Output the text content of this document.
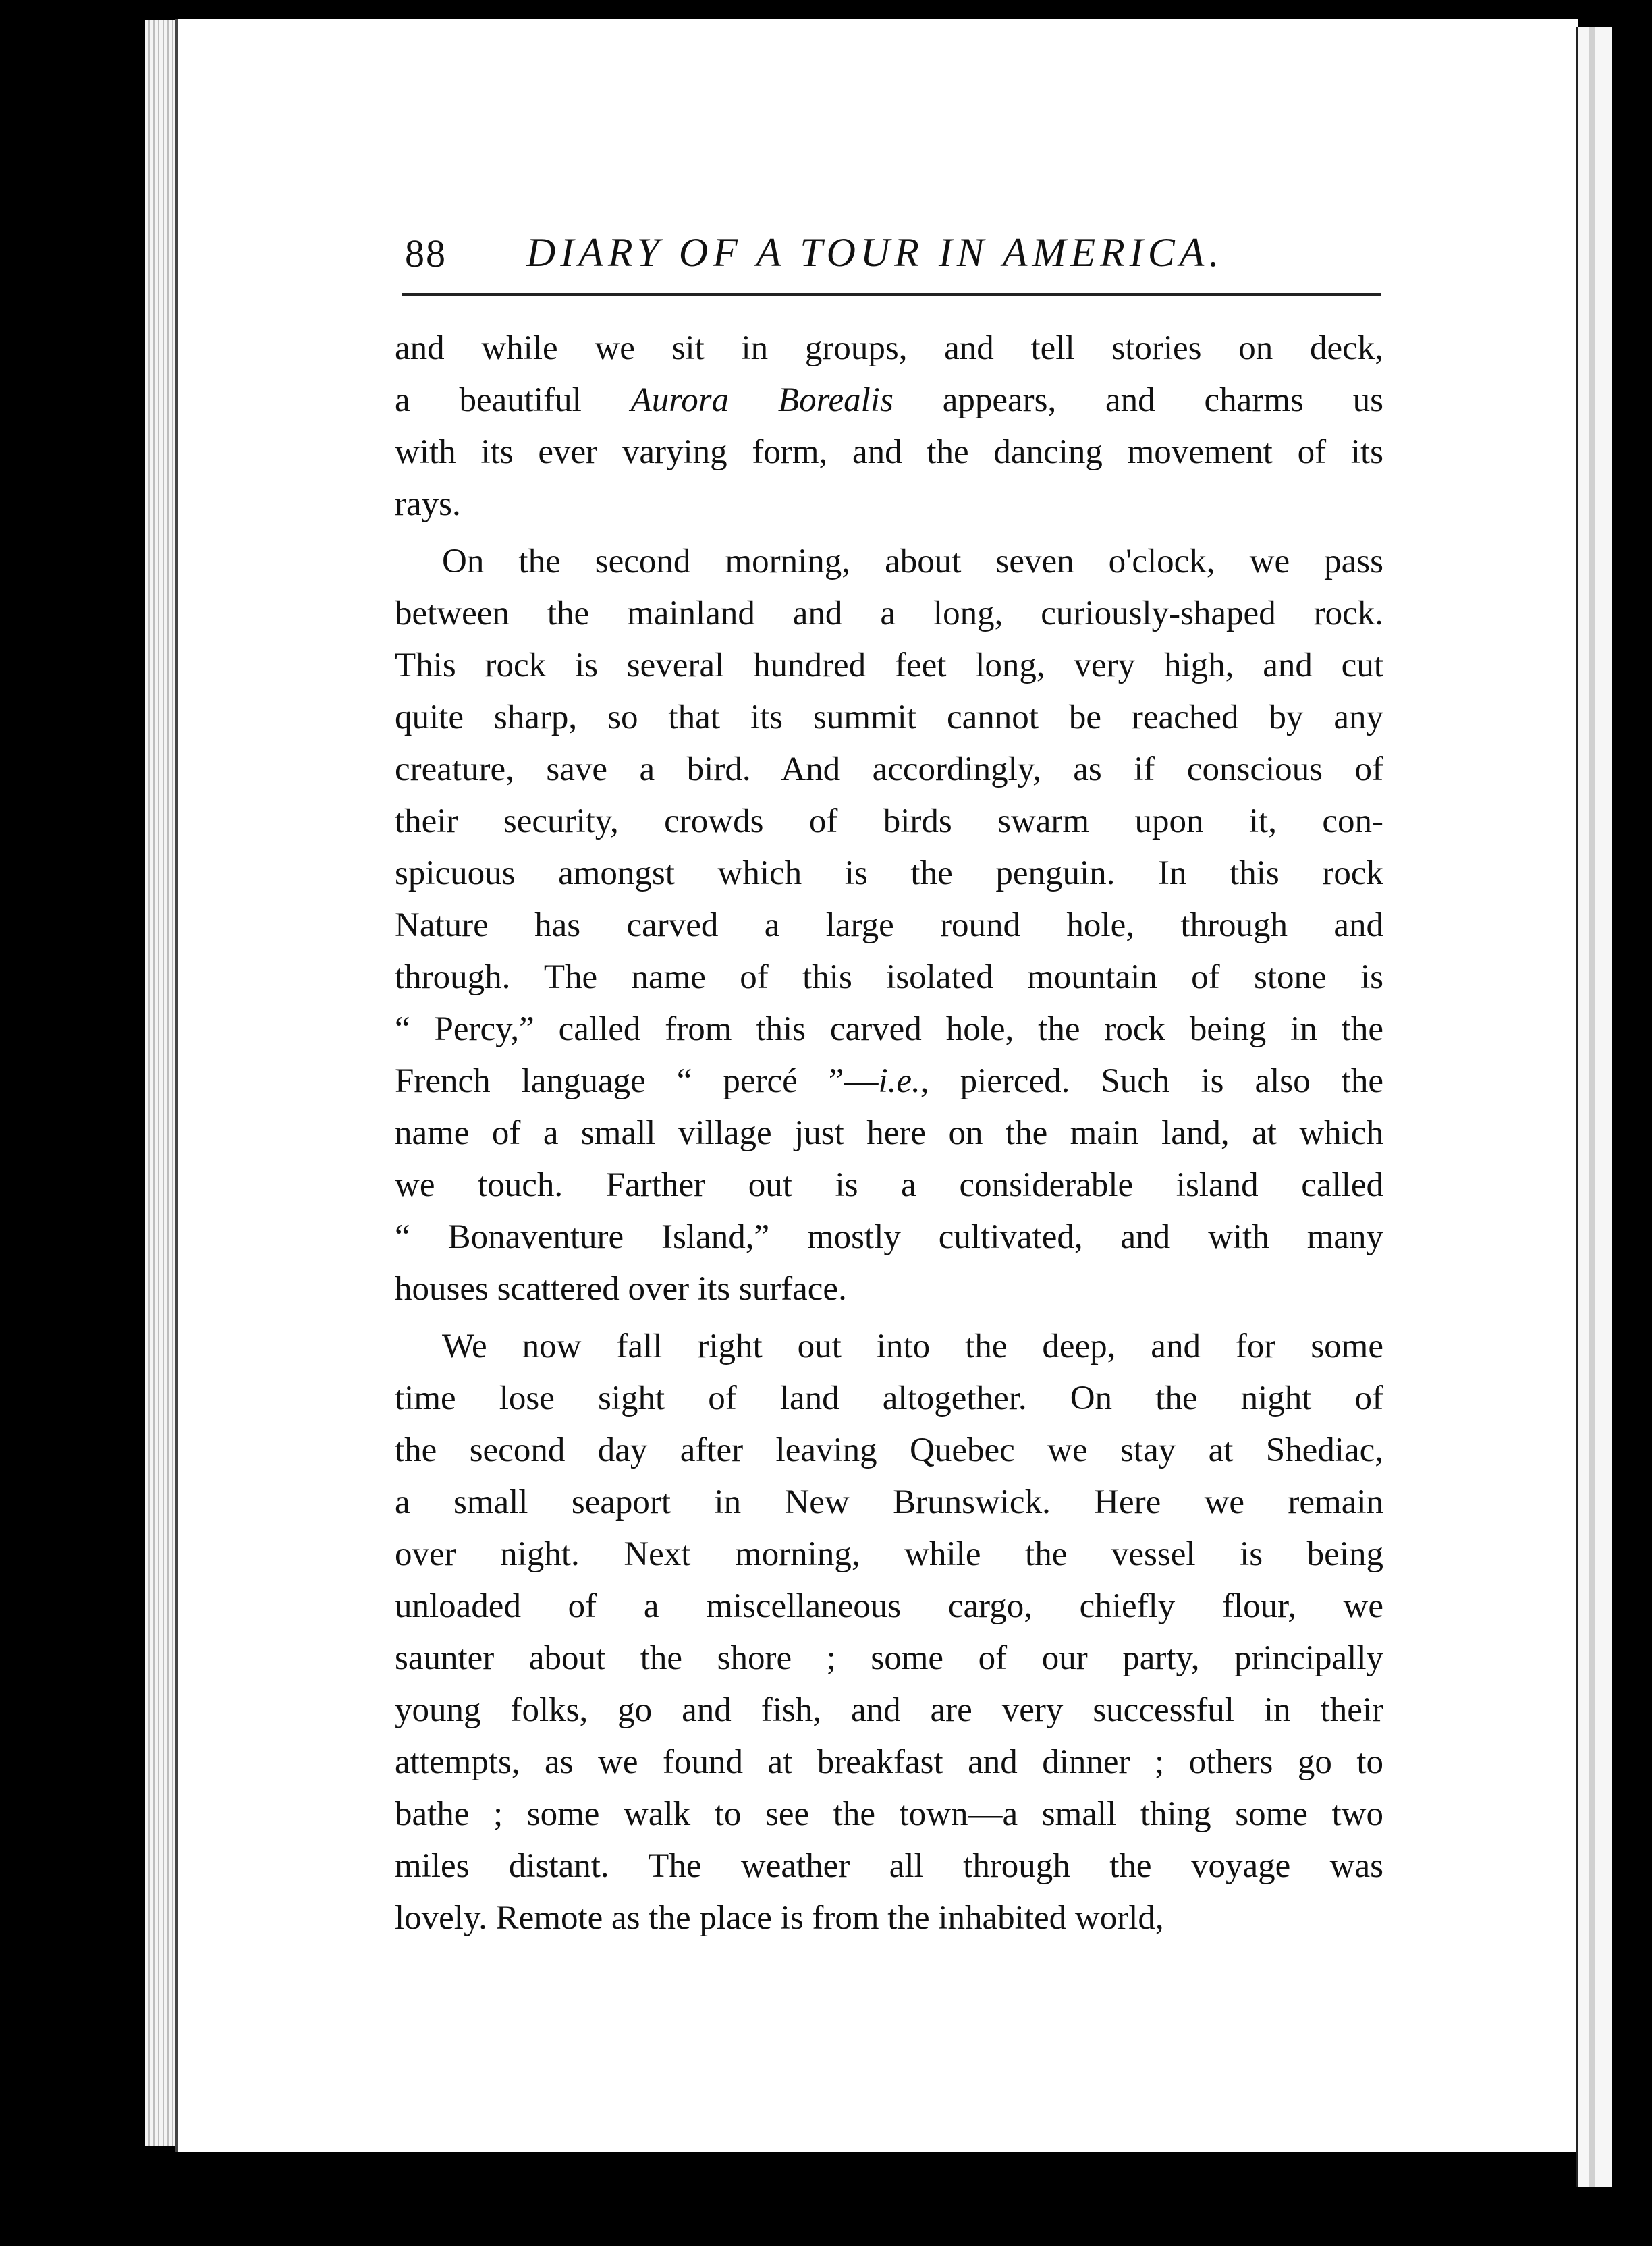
88 DIARY OF A TOUR IN AMERICA.
and while we sit in groups, and tell stories on deck,
a beautiful Aurora Borealis appears, and charms us
with its ever varying form, and the dancing movement of its
rays.
On the second morning, about seven o'clock, we pass
between the mainland and a long, curiously-shaped rock.
This rock is several hundred feet long, very high, and cut
quite sharp, so that its summit cannot be reached by any
creature, save a bird. And accordingly, as if conscious of
their security, crowds of birds swarm upon it, con-
spicuous amongst which is the penguin. In this rock
Nature has carved a large round hole, through and
through. The name of this isolated mountain of stone is
“ Percy,” called from this carved hole, the rock being in the
French language “ percé ”—i.e., pierced. Such is also the
name of a small village just here on the main land, at which
we touch. Farther out is a considerable island called
“ Bonaventure Island,” mostly cultivated, and with many
houses scattered over its surface.
We now fall right out into the deep, and for some
time lose sight of land altogether. On the night of
the second day after leaving Quebec we stay at Shediac,
a small seaport in New Brunswick. Here we remain
over night. Next morning, while the vessel is being
unloaded of a miscellaneous cargo, chiefly flour, we
saunter about the shore ; some of our party, principally
young folks, go and fish, and are very successful in their
attempts, as we found at breakfast and dinner ; others go to
bathe ; some walk to see the town—a small thing some two
miles distant. The weather all through the voyage was
lovely. Remote as the place is from the inhabited world,
